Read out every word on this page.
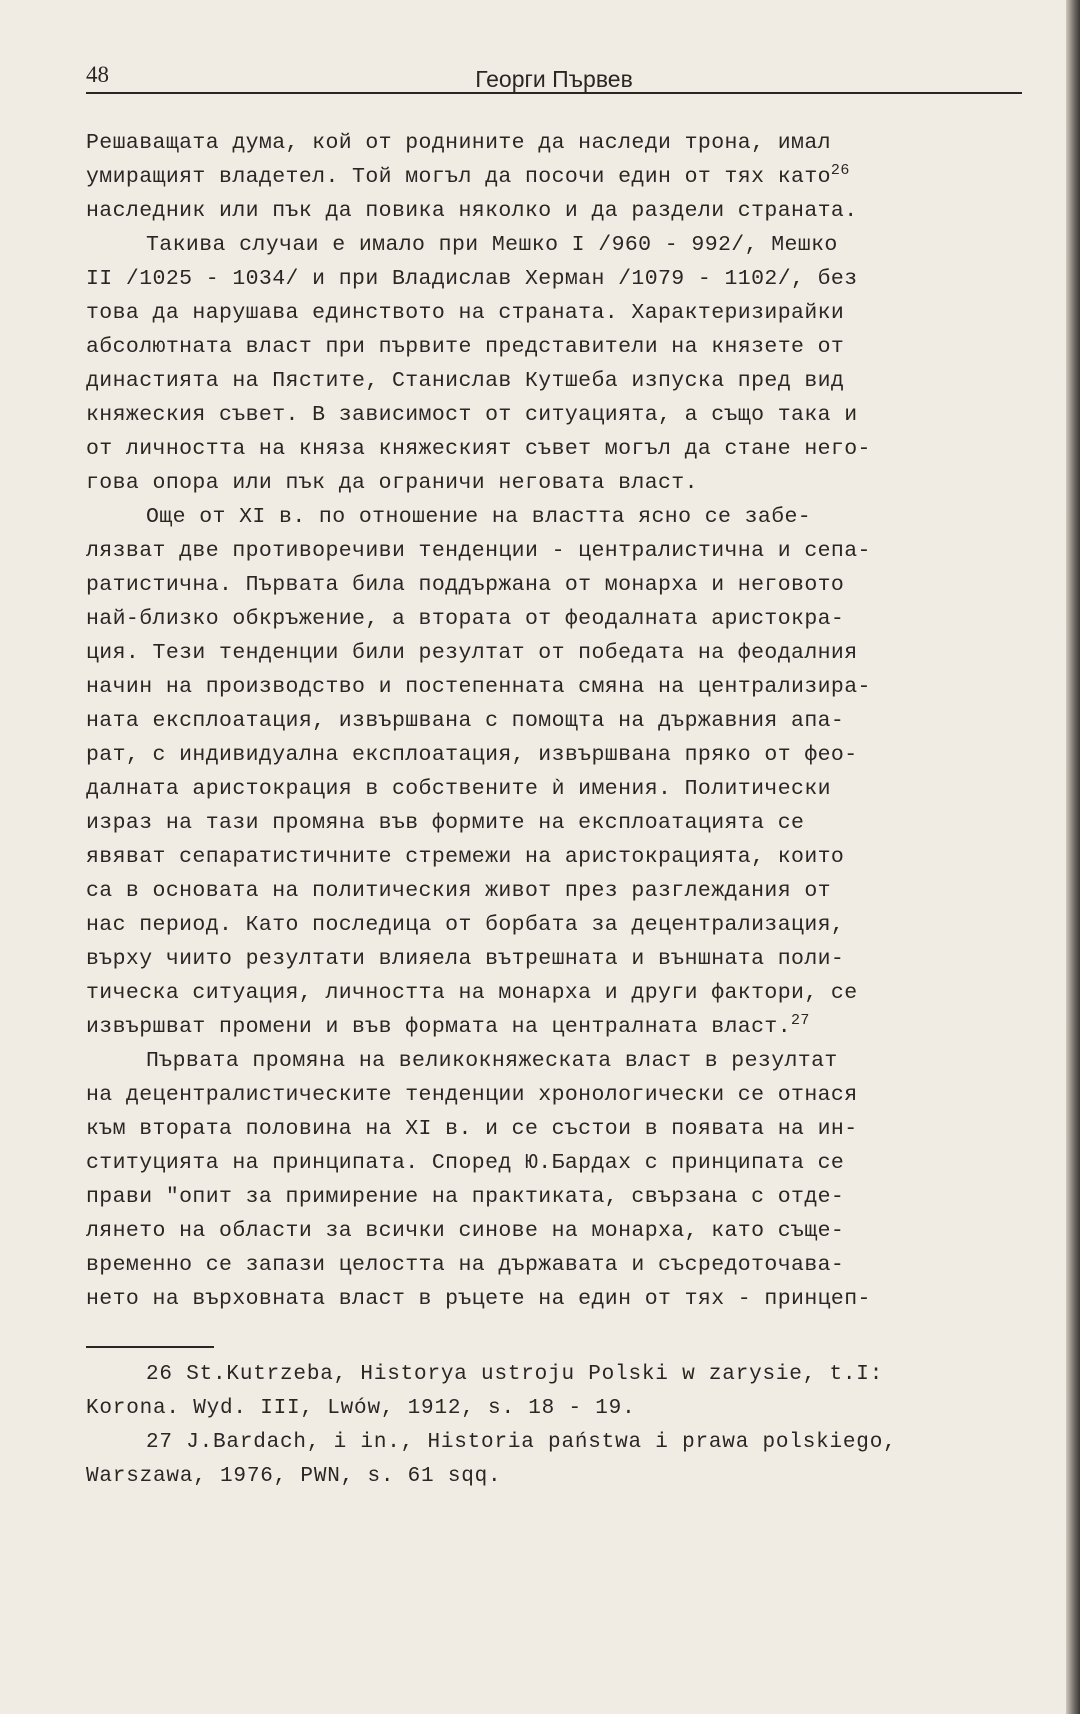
48	Георги Първев
Решаващата дума, кой от роднините да наследи трона, имал
умиращият владетел. Той могъл да посочи един от тях като$^{26}$
наследник или пък да повика няколко и да раздели страната.
Такива случаи е имало при Мешко I /960 - 992/, Мешко
II /1025 - 1034/ и при Владислав Херман /1079 - 1102/, без
това да нарушава единството на страната. Характеризирайки
абсолютната власт при първите представители на князете от
династията на Пястите, Станислав Кутшеба изпуска пред вид
княжеския съвет. В зависимост от ситуацията, а също така и
от личността на княза княжеският съвет могъл да стане него-
гова опора или пък да ограничи неговата власт.
Още от XI в. по отношение на властта ясно се забе-
лязват две противоречиви тенденции - централистична и сепа-
ратистична. Първата била поддържана от монарха и неговото
най-близко обкръжение, а втората от феодалната аристокра-
ция. Тези тенденции били резултат от победата на феодалния
начин на производство и постепенната смяна на централизира-
ната експлоатация, извършвана с помощта на държавния апа-
рат, с индивидуална експлоатация, извършвана пряко от фео-
далната аристокрация в собствените ѝ имения. Политически
израз на тази промяна във формите на експлоатацията се
явяват сепаратистичните стремежи на аристокрацията, които
са в основата на политическия живот през разглеждания от
нас период. Като последица от борбата за децентрализация,
върху чиито резултати влияела вътрешната и външната поли-
тическа ситуация, личността на монарха и други фактори, се
извършват промени и във формата на централната власт.$^{27}$
Първата промяна на великокняжеската власт в резултат
на децентралистическите тенденции хронологически се отнася
към втората половина на XI в. и се състои в появата на ин-
ституцията на принципата. Според Ю.Бардах с принципата се
прави "опит за примирение на практиката, свързана с отде-
лянето на области за всички синове на монарха, като същe-
временно се запази целостта на държавата и съсредоточава-
нето на върховната власт в ръцете на един от тях - принцеп-
26 St.Kutrzeba, Historya ustroju Polski w zarysie, t.I:
Korona. Wyd. III, Lwów, 1912, s. 18 - 19.
27 J.Bardach, i in., Historia państwa i prawa polskiego,
Warszawa, 1976, PWN, s. 61 sqq.
